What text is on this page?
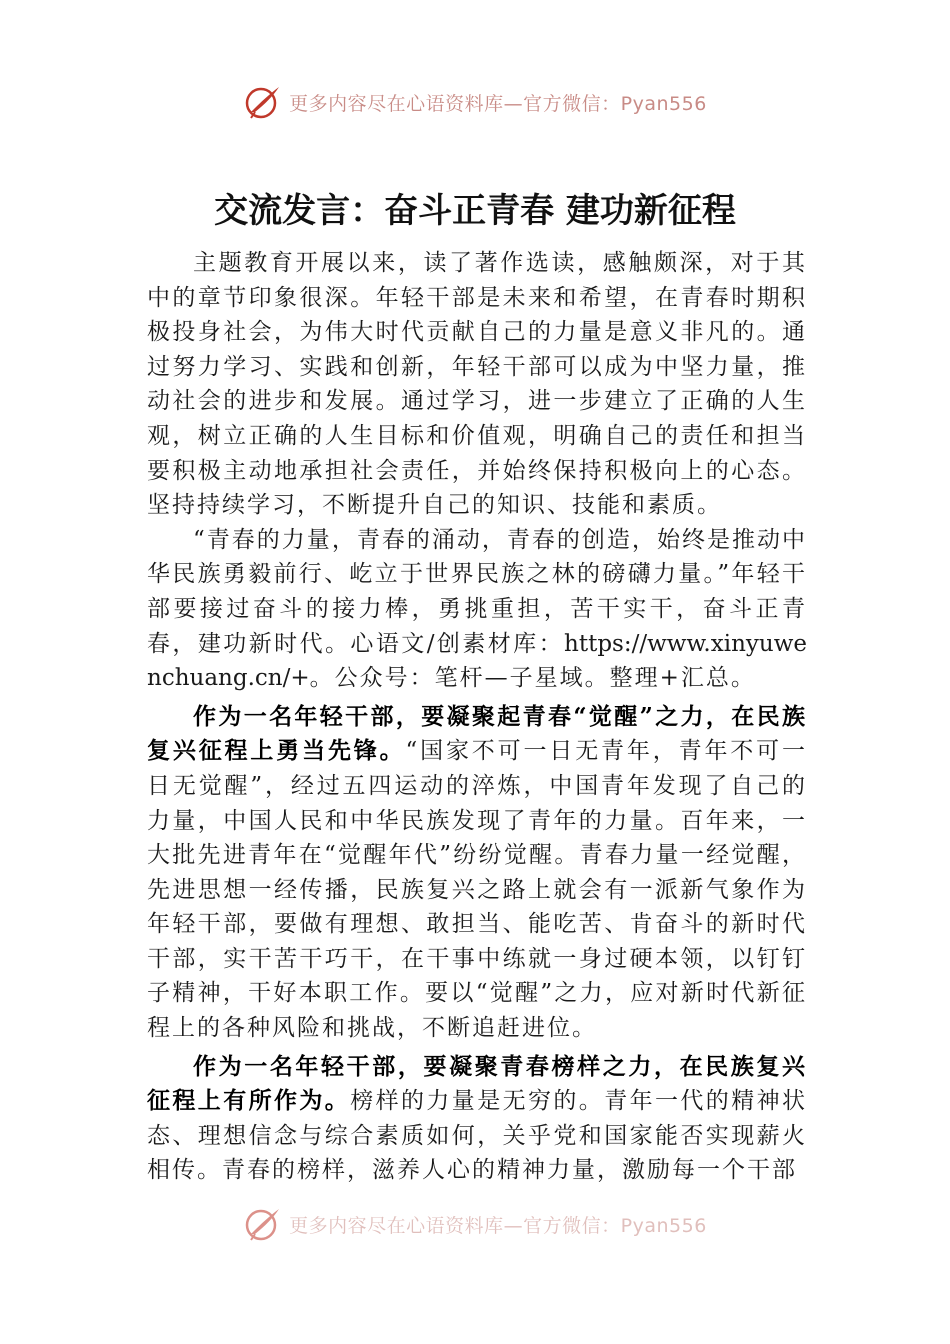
更多内容尽在心语资料库—官方微信：Pyan556
交流发言：奋斗正青春 建功新征程

主题教育开展以来，读了著作选读，感触颇深，对于其中的章节印象很深。年轻干部是未来和希望，在青春时期积极投身社会，为伟大时代贡献自己的力量是意义非凡的。通过努力学习、实践和创新，年轻干部可以成为中坚力量，推动社会的进步和发展。通过学习，进一步建立了正确的人生观，树立正确的人生目标和价值观，明确自己的责任和担当要积极主动地承担社会责任，并始终保持积极向上的心态。坚持持续学习，不断提升自己的知识、技能和素质。

“青春的力量，青春的涌动，青春的创造，始终是推动中华民族勇毅前行、屹立于世界民族之林的磅礴力量。”年轻干部要接过奋斗的接力棒，勇挑重担，苦干实干，奋斗正青春，建功新时代。心语文/创素材库：https://www.xinyuwenchuang.cn/+。公众号：笔杆—子星域。整理+汇总。

作为一名年轻干部，要凝聚起青春“觉醒”之力，在民族复兴征程上勇当先锋。“国家不可一日无青年，青年不可一日无觉醒”，经过五四运动的淬炼，中国青年发现了自己的力量，中国人民和中华民族发现了青年的力量。百年来，一大批先进青年在“觉醒年代”纷纷觉醒。青春力量一经觉醒，先进思想一经传播，民族复兴之路上就会有一派新气象作为年轻干部，要做有理想、敢担当、能吃苦、肯奋斗的新时代干部，实干苦干巧干，在干事中练就一身过硬本领，以钉钉子精神，干好本职工作。要以“觉醒”之力，应对新时代新征程上的各种风险和挑战，不断追赶进位。

作为一名年轻干部，要凝聚青春榜样之力，在民族复兴征程上有所作为。榜样的力量是无穷的。青年一代的精神状态、理想信念与综合素质如何，关乎党和国家能否实现薪火相传。青春的榜样，滋养人心的精神力量，激励每一个干部

更多内容尽在心语资料库—官方微信：Pyan556
